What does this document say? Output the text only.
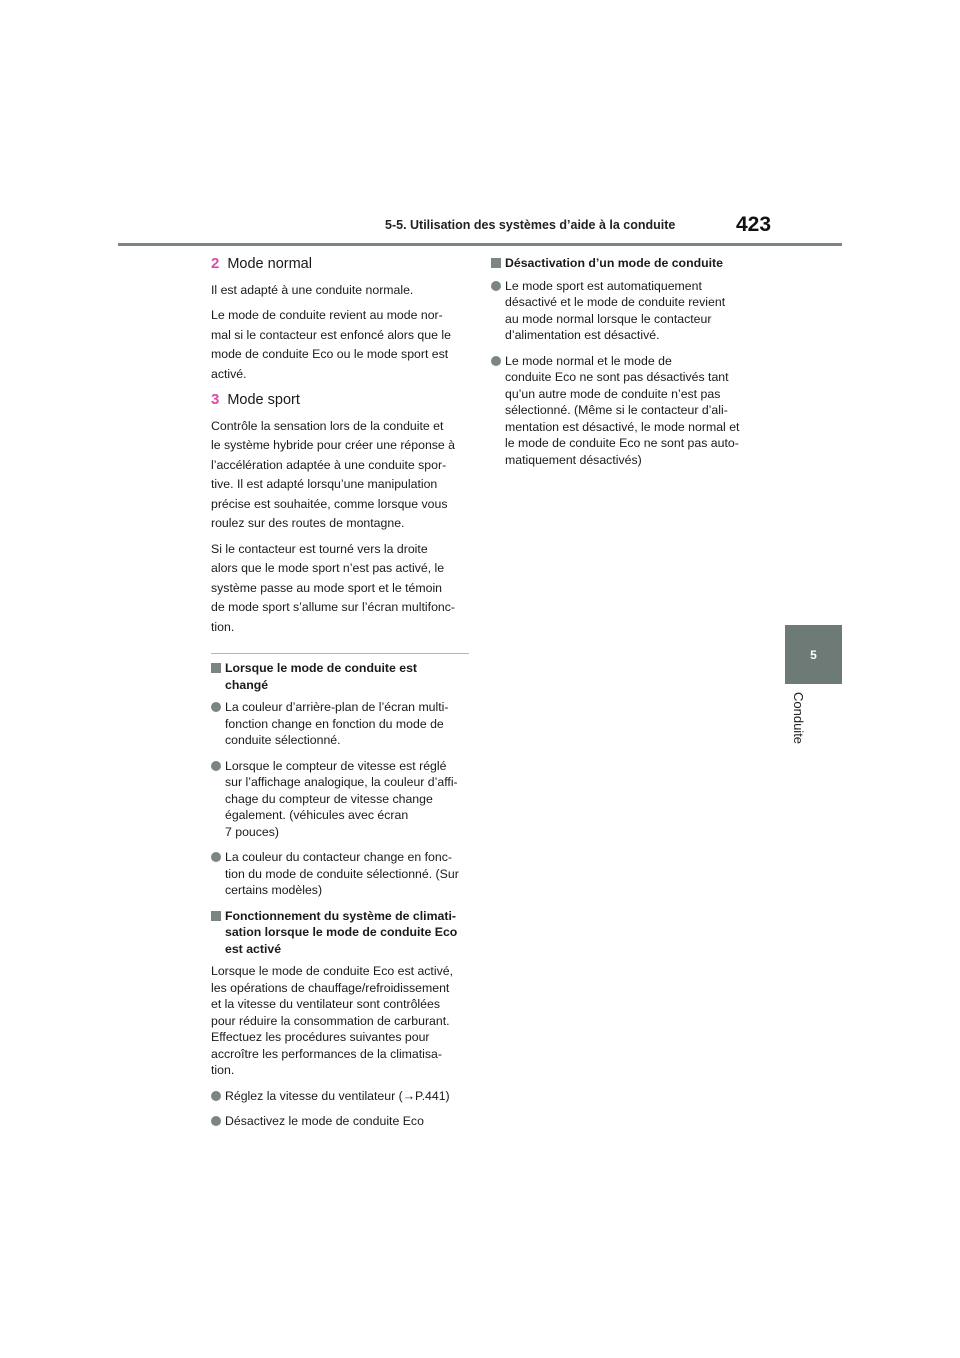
5-5. Utilisation des systèmes d’aide à la conduite	423
5
Conduite
2 Mode normal

Il est adapté à une conduite normale.

Le mode de conduite revient au mode nor-
mal si le contacteur est enfoncé alors que le
mode de conduite Eco ou le mode sport est
activé.

3 Mode sport

Contrôle la sensation lors de la conduite et
le système hybride pour créer une réponse à
l’accélération adaptée à une conduite spor-
tive. Il est adapté lorsqu’une manipulation
précise est souhaitée, comme lorsque vous
roulez sur des routes de montagne.

Si le contacteur est tourné vers la droite
alors que le mode sport n’est pas activé, le
système passe au mode sport et le témoin
de mode sport s’allume sur l’écran multifonc-
tion.

Lorsque le mode de conduite est
changé
La couleur d’arrière-plan de l’écran multi-
fonction change en fonction du mode de
conduite sélectionné.
Lorsque le compteur de vitesse est réglé
sur l’affichage analogique, la couleur d’affi-
chage du compteur de vitesse change
également. (véhicules avec écran
7 pouces)
La couleur du contacteur change en fonc-
tion du mode de conduite sélectionné. (Sur
certains modèles)
Fonctionnement du système de climati-
sation lorsque le mode de conduite Eco
est activé

Lorsque le mode de conduite Eco est activé,
les opérations de chauffage/refroidissement
et la vitesse du ventilateur sont contrôlées
pour réduire la consommation de carburant.
Effectuez les procédures suivantes pour
accroître les performances de la climatisa-
tion.

Réglez la vitesse du ventilateur (→P.441)
Désactivez le mode de conduite Eco
Désactivation d’un mode de conduite
Le mode sport est automatiquement
désactivé et le mode de conduite revient
au mode normal lorsque le contacteur
d’alimentation est désactivé.
Le mode normal et le mode de
conduite Eco ne sont pas désactivés tant
qu’un autre mode de conduite n’est pas
sélectionné. (Même si le contacteur d’ali-
mentation est désactivé, le mode normal et
le mode de conduite Eco ne sont pas auto-
matiquement désactivés)
